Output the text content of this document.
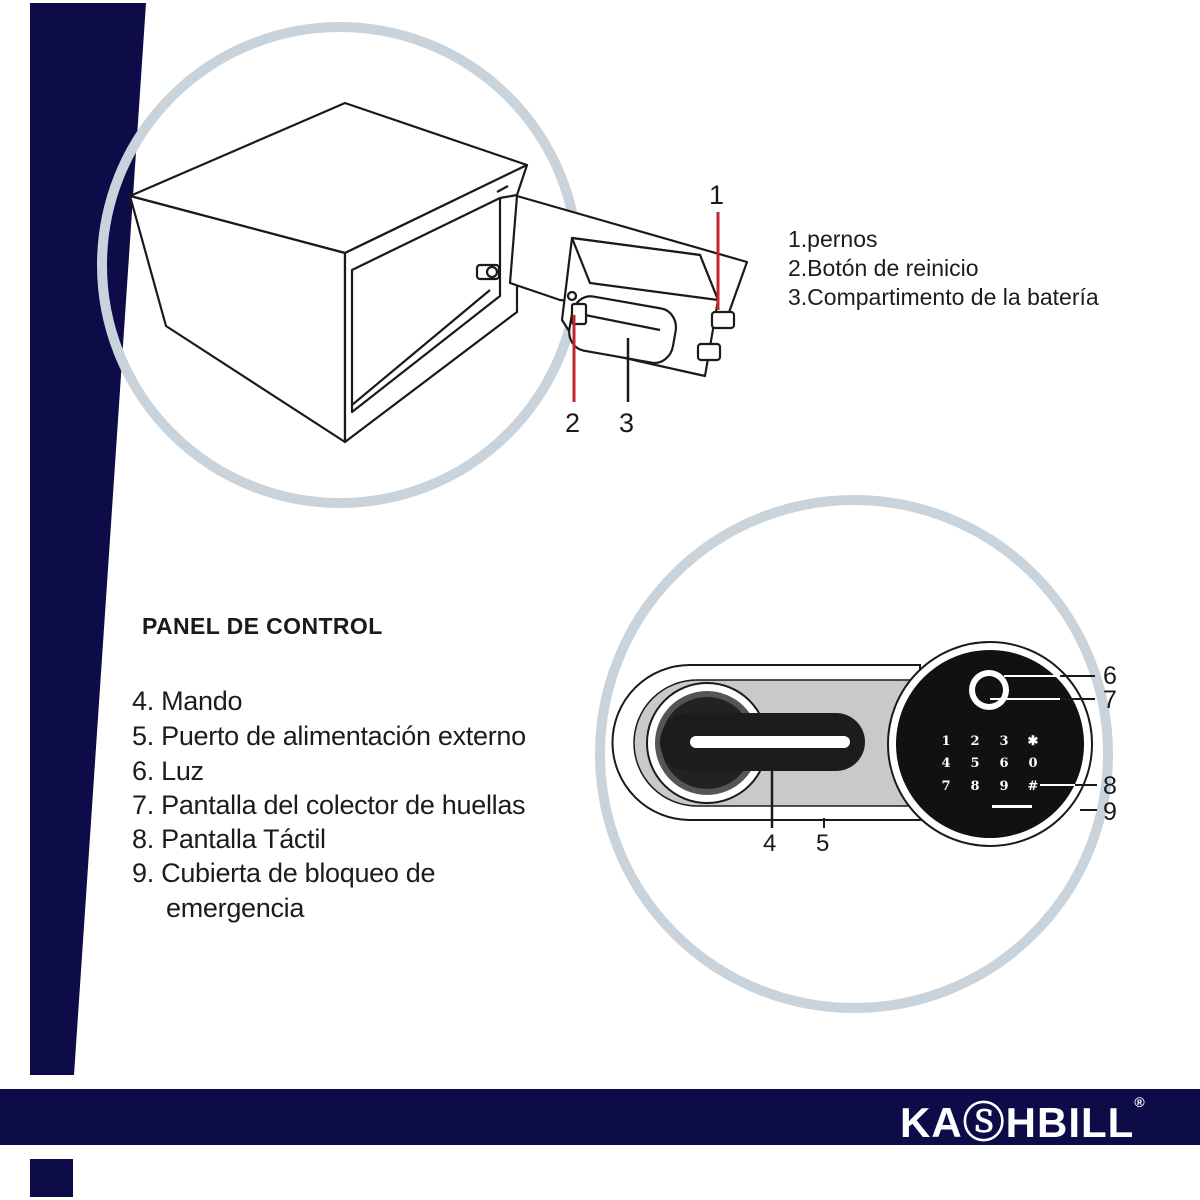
1 2 3 ✱
4 5 6 0
7 8 9 #
1
2 3
4 5
6
7
8
9
1.pernos
2.Botón de reinicio
3.Compartimento de la batería
PANEL DE CONTROL
4. Mando
5. Puerto de alimentación externo
6. Luz
7. Pantalla del colector de huellas
8. Pantalla Táctil
9. Cubierta de bloqueo de
emergencia
KAⓈHBILL®
